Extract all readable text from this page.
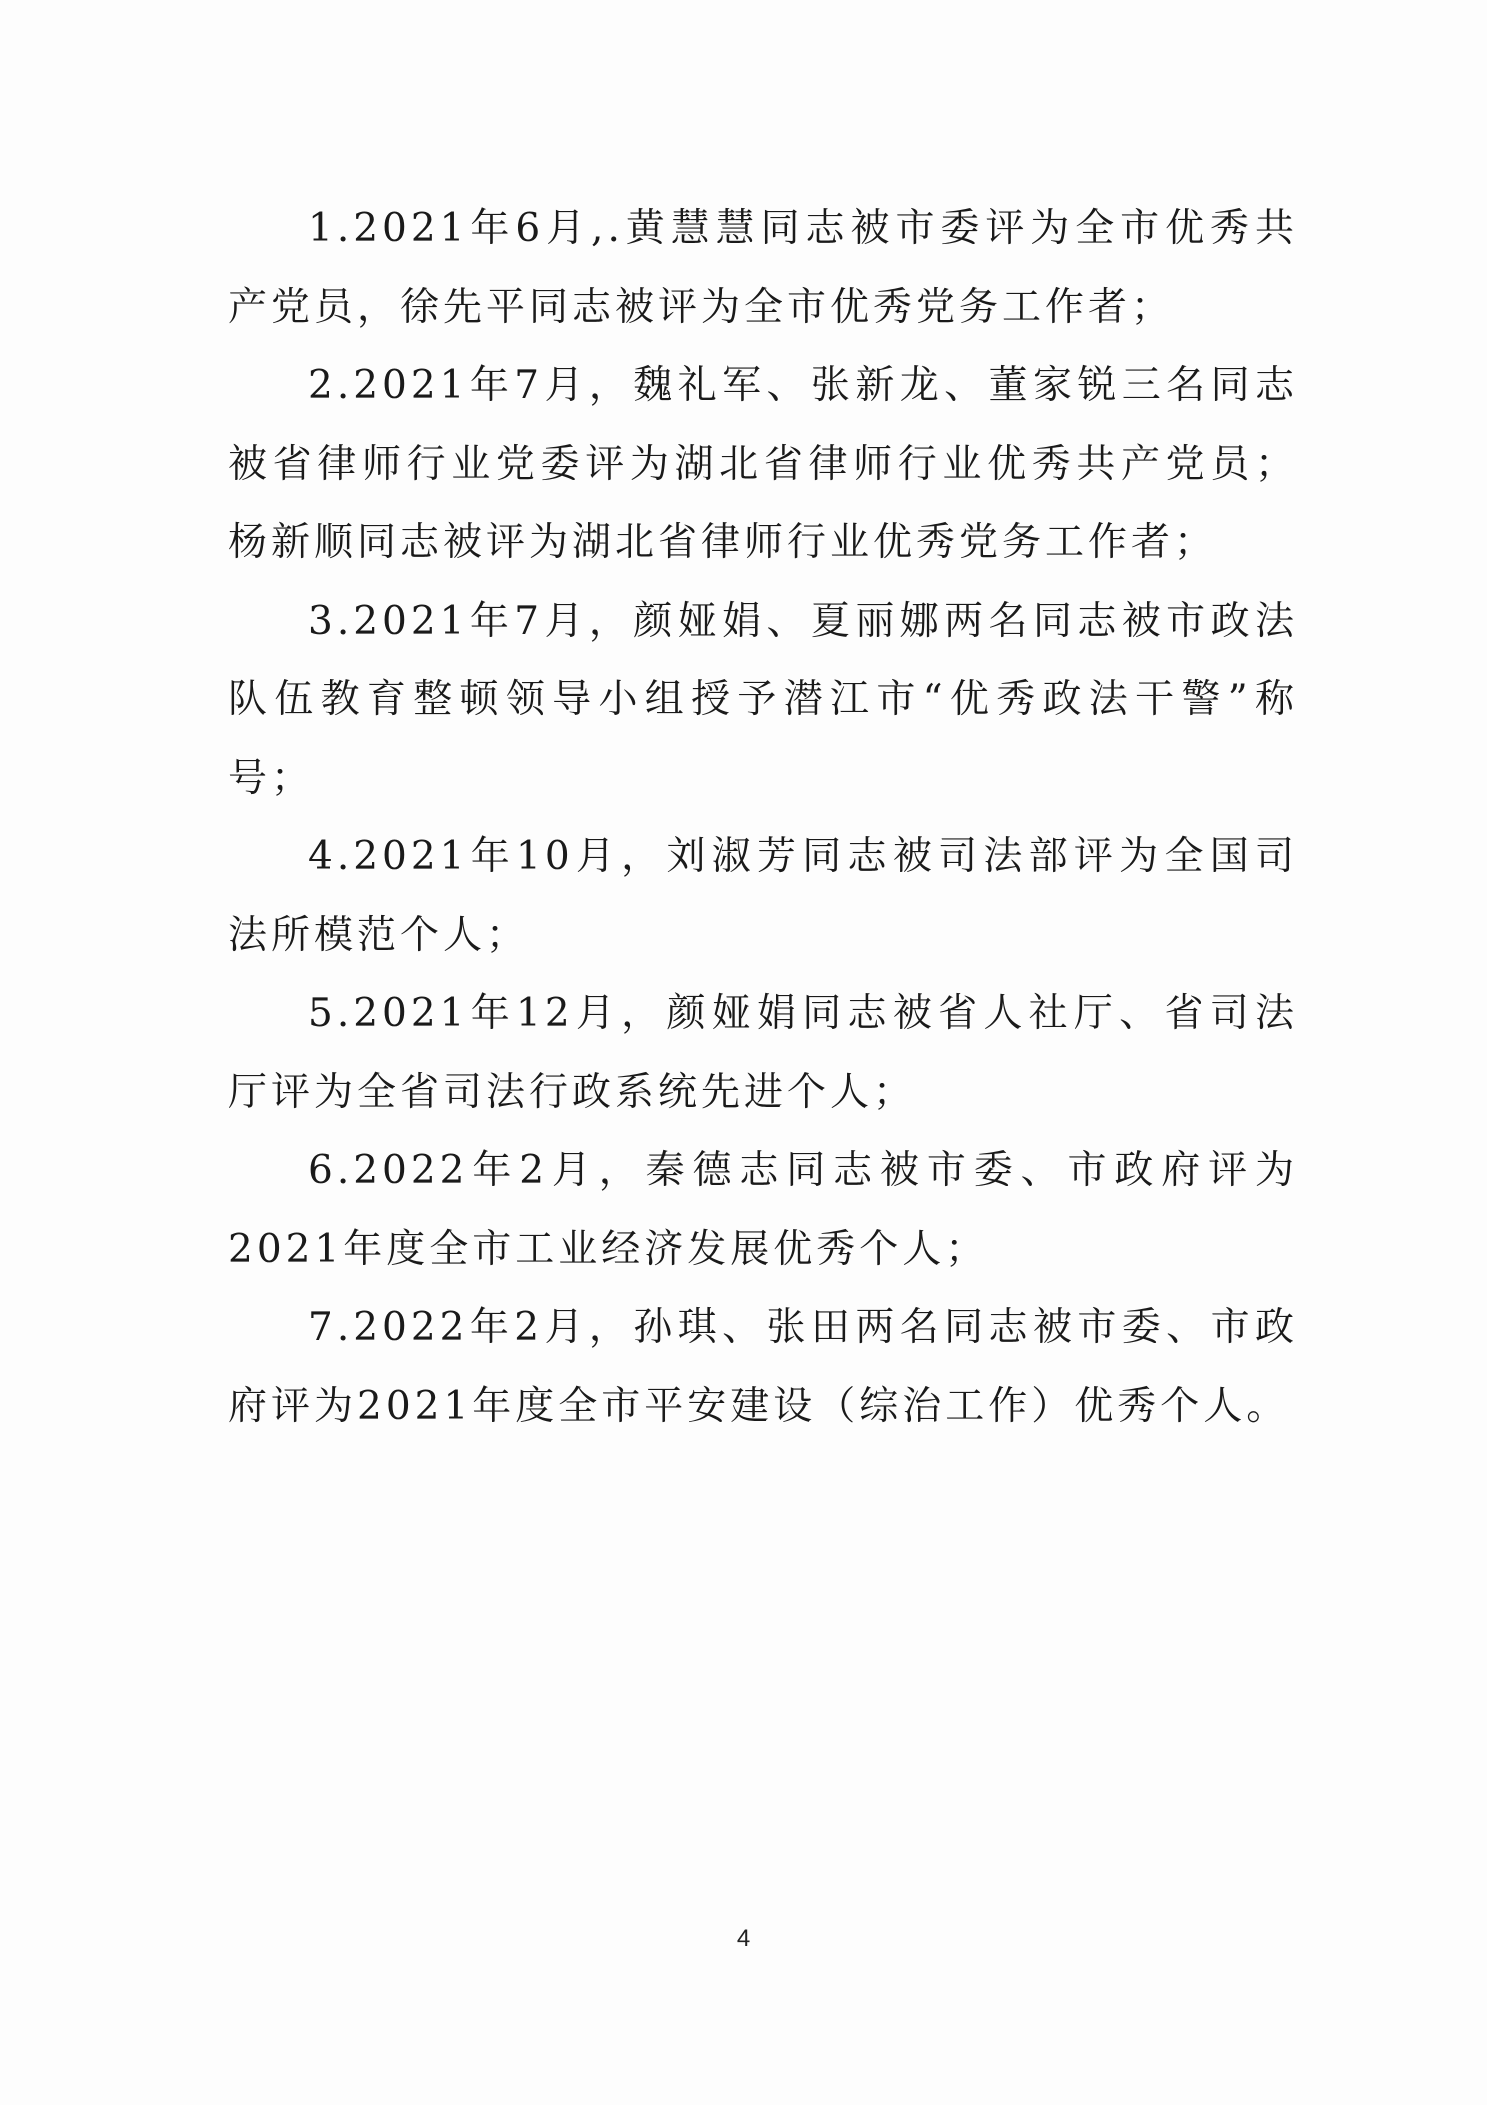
1.2021年6月,.黄慧慧同志被市委评为全市优秀共产党员，徐先平同志被评为全市优秀党务工作者；

2.2021年7月，魏礼军、张新龙、董家锐三名同志被省律师行业党委评为湖北省律师行业优秀共产党员；杨新顺同志被评为湖北省律师行业优秀党务工作者；

3.2021年7月，颜娅娟、夏丽娜两名同志被市政法队伍教育整顿领导小组授予潜江市“优秀政法干警”称号；

4.2021年10月，刘淑芳同志被司法部评为全国司法所模范个人；

5.2021年12月，颜娅娟同志被省人社厅、省司法厅评为全省司法行政系统先进个人；

6.2022年2月，秦德志同志被市委、市政府评为2021年度全市工业经济发展优秀个人；

7.2022年2月，孙琪、张田两名同志被市委、市政府评为2021年度全市平安建设（综治工作）优秀个人。

4
